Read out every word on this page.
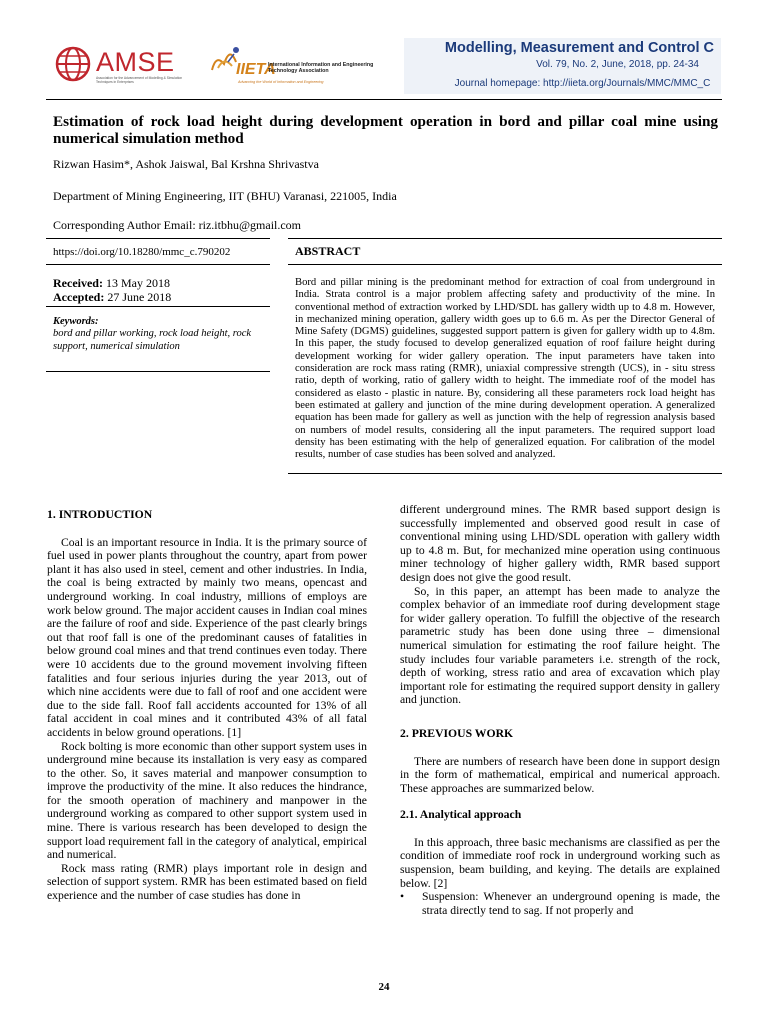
AMSE
Association for the Advancement of Modelling & Simulation Techniques in Enterprises
IIETA
International Information and Engineering Technology Association
Advancing the World of Information and Engineering
Modelling, Measurement and Control C
Vol. 79, No. 2, June, 2018, pp. 24-34
Journal homepage: http://iieta.org/Journals/MMC/MMC_C
Estimation of rock load height during development operation in bord and pillar coal mine using numerical simulation method
Rizwan Hasim*, Ashok Jaiswal, Bal Krshna Shrivastva
Department of Mining Engineering, IIT (BHU) Varanasi, 221005, India
Corresponding Author Email: riz.itbhu@gmail.com
https://doi.org/10.18280/mmc_c.790202	ABSTRACT
Received: 13 May 2018
Accepted: 27 June 2018
Keywords:
bord and pillar working, rock load height, rock support, numerical simulation
Bord and pillar mining is the predominant method for extraction of coal from underground in India. Strata control is a major problem affecting safety and productivity of the mine. In conventional method of extraction worked by LHD/SDL has gallery width up to 4.8 m. However, in mechanized mining operation, gallery width goes up to 6.6 m. As per the Director General of Mine Safety (DGMS) guidelines, suggested support pattern is given for gallery width up to 4.8m. In this paper, the study focused to develop generalized equation of roof failure height during development working for wider gallery operation. The input parameters have taken into consideration are rock mass rating (RMR), uniaxial compressive strength (UCS), in - situ stress ratio, depth of working, ratio of gallery width to height. The immediate roof of the model has considered as elasto - plastic in nature. By, considering all these parameters rock load height has been estimated at gallery and junction of the mine during development operation. A generalized equation has been made for gallery as well as junction with the help of regression analysis based on numbers of model results, considering all the input parameters. The required support load density has been estimating with the help of generalized equation. For calibration of the model results, number of case studies has been solved and analyzed.
1. INTRODUCTION

Coal is an important resource in India. It is the primary source of fuel used in power plants throughout the country, apart from power plant it has also used in steel, cement and other industries. In India, the coal is being extracted by mainly two means, opencast and underground working. In coal industry, millions of employs are work below ground. The major accident causes in Indian coal mines are the failure of roof and side. Experience of the past clearly brings out that roof fall is one of the predominant causes of fatalities in below ground coal mines and that trend continues even today. There were 10 accidents due to the ground movement involving fifteen fatalities and four serious injuries during the year 2013, out of which nine accidents were due to fall of roof and one accident were due to the side fall. Roof fall accidents accounted for 13% of all fatal accident in coal mines and it contributed 43% of all fatal accidents in below ground operations. [1]

Rock bolting is more economic than other support system uses in underground mine because its installation is very easy as compared to the other. So, it saves material and manpower consumption to improve the productivity of the mine. It also reduces the hindrance, for the smooth operation of machinery and manpower in the underground working as compared to other support system used in mine. There is various research has been developed to design the support load requirement fall in the category of analytical, empirical and numerical.

Rock mass rating (RMR) plays important role in design and selection of support system. RMR has been estimated based on field experience and the number of case studies has done in

different underground mines. The RMR based support design is successfully implemented and observed good result in case of conventional mining using LHD/SDL operation with gallery width up to 4.8 m. But, for mechanized mine operation using continuous miner technology of higher gallery width, RMR based support design does not give the good result.

So, in this paper, an attempt has been made to analyze the complex behavior of an immediate roof during development stage for wider gallery operation. To fulfill the objective of the research parametric study has been done using three – dimensional numerical simulation for estimating the roof failure height. The study includes four variable parameters i.e. strength of the rock, depth of working, stress ratio and area of excavation which play important role for estimating the required support density in gallery and junction.

2. PREVIOUS WORK

There are numbers of research have been done in support design in the form of mathematical, empirical and numerical approach. These approaches are summarized below.

2.1. Analytical approach

In this approach, three basic mechanisms are classified as per the condition of immediate roof rock in underground working such as suspension, beam building, and keying. The details are explained below. [2]

•	Suspension: Whenever an underground opening is made, the strata directly tend to sag. If not properly and
24
